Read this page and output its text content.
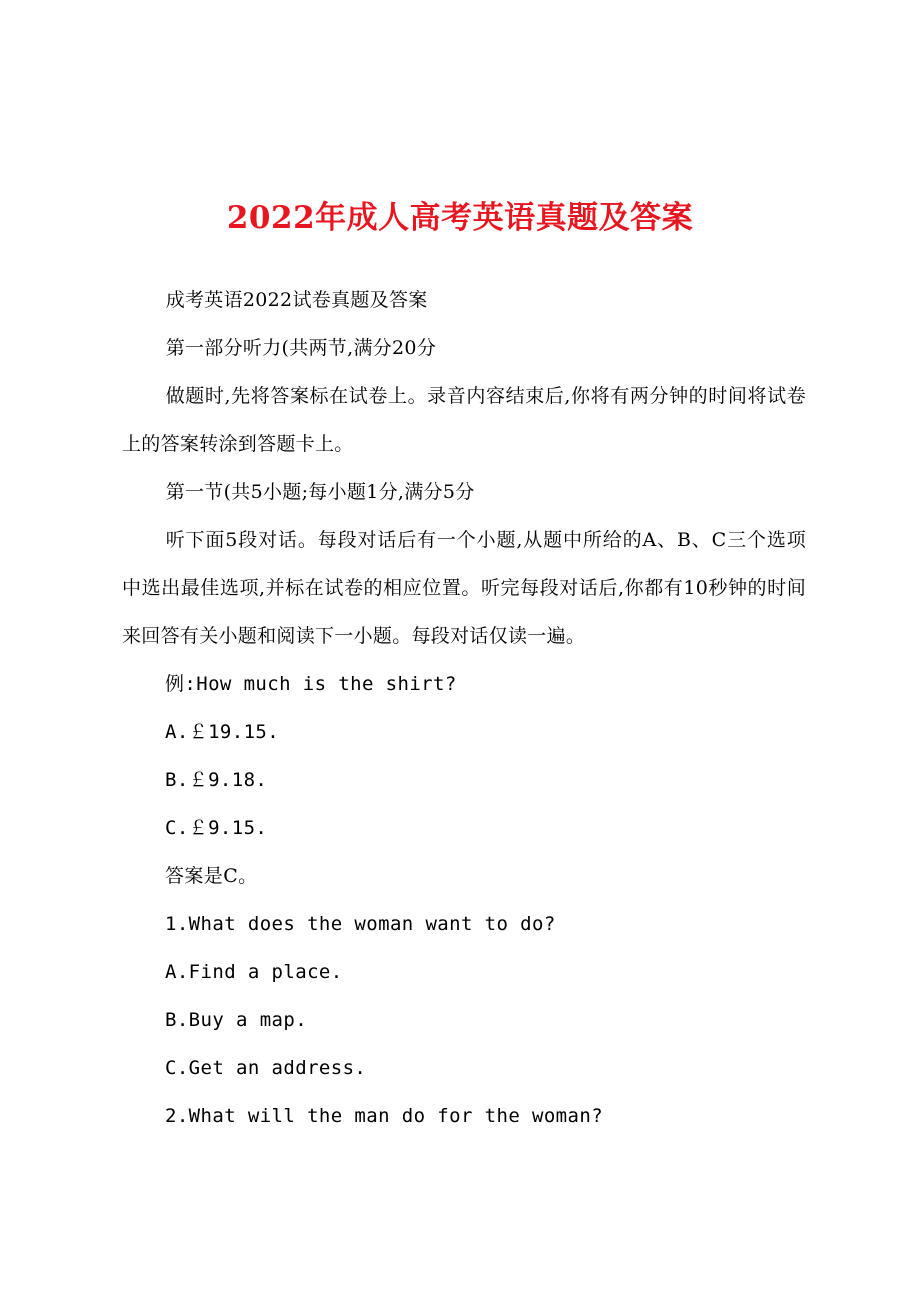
2022年成人高考英语真题及答案

成考英语2022试卷真题及答案

第一部分听力(共两节,满分20分

做题时,先将答案标在试卷上。录音内容结束后,你将有两分钟的时间将试卷上的答案转涂到答题卡上。

第一节(共5小题;每小题1分,满分5分

听下面5段对话。每段对话后有一个小题,从题中所给的A、B、C三个选项中选出最佳选项,并标在试卷的相应位置。听完每段对话后,你都有10秒钟的时间来回答有关小题和阅读下一小题。每段对话仅读一遍。

例:How much is the shirt?

A.￡19.15.

B.￡9.18.

C.￡9.15.

答案是C。

1.What does the woman want to do?

A.Find a place.

B.Buy a map.

C.Get an address.

2.What will the man do for the woman?
